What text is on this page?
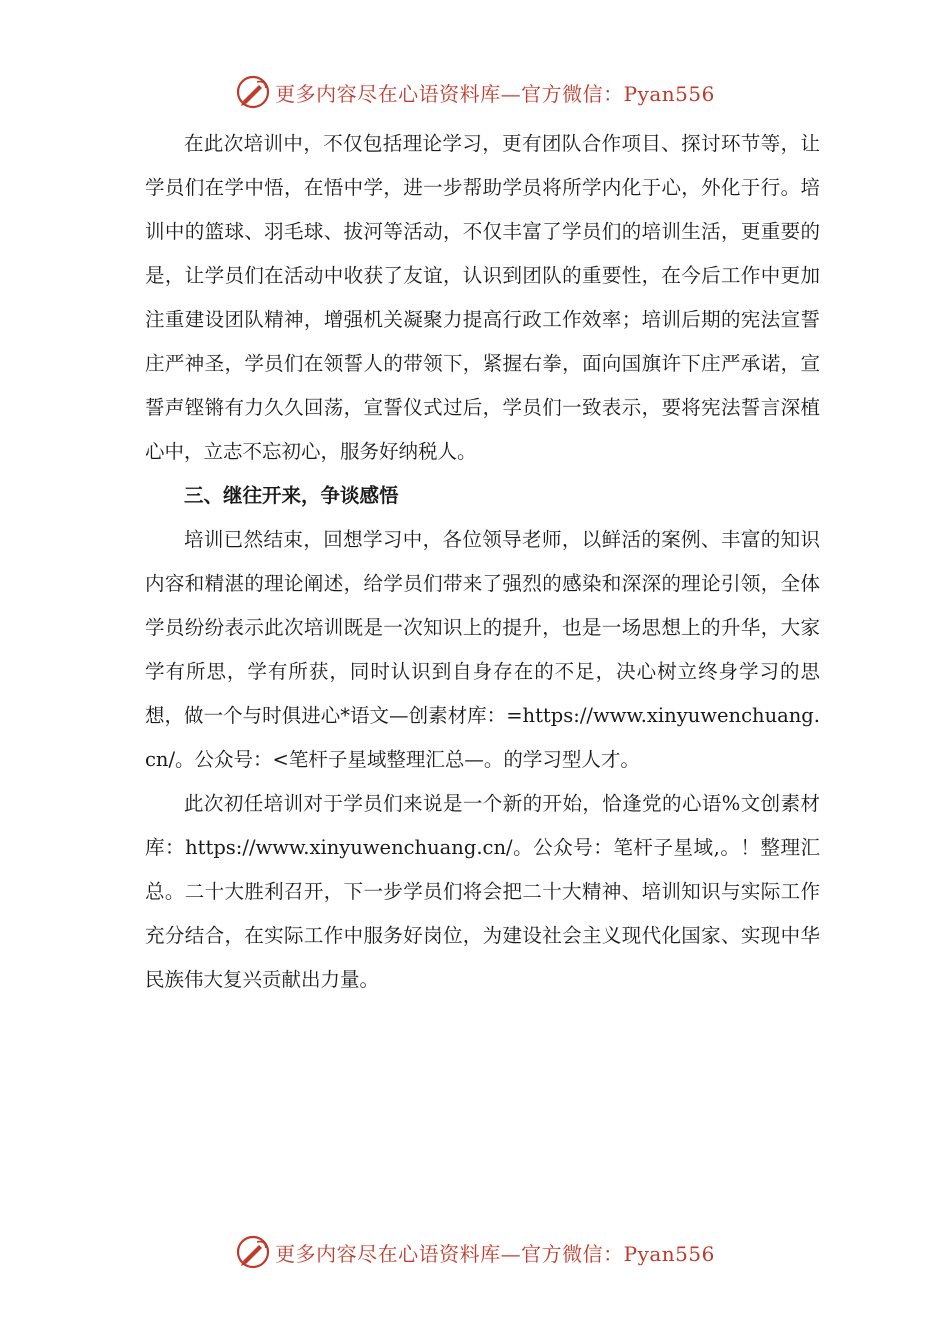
更多内容尽在心语资料库—官方微信：Pyan556

在此次培训中，不仅包括理论学习，更有团队合作项目、探讨环节等，让学员们在学中悟，在悟中学，进一步帮助学员将所学内化于心，外化于行。培训中的篮球、羽毛球、拔河等活动，不仅丰富了学员们的培训生活，更重要的是，让学员们在活动中收获了友谊，认识到团队的重要性，在今后工作中更加注重建设团队精神，增强机关凝聚力提高行政工作效率；培训后期的宪法宣誓庄严神圣，学员们在领誓人的带领下，紧握右拳，面向国旗许下庄严承诺，宣誓声铿锵有力久久回荡，宣誓仪式过后，学员们一致表示，要将宪法誓言深植心中，立志不忘初心，服务好纳税人。

三、继往开来，争谈感悟

培训已然结束，回想学习中，各位领导老师，以鲜活的案例、丰富的知识内容和精湛的理论阐述，给学员们带来了强烈的感染和深深的理论引领，全体学员纷纷表示此次培训既是一次知识上的提升，也是一场思想上的升华，大家学有所思，学有所获，同时认识到自身存在的不足，决心树立终身学习的思想，做一个与时俱进心*语文—创素材库：=https://www.xinyuwenchuang.cn/。公众号：<笔杆子星域整理汇总—。的学习型人才。

此次初任培训对于学员们来说是一个新的开始，恰逢党的心语%文创素材库：https://www.xinyuwenchuang.cn/。公众号：笔杆子星域,。！整理汇总。二十大胜利召开，下一步学员们将会把二十大精神、培训知识与实际工作充分结合，在实际工作中服务好岗位，为建设社会主义现代化国家、实现中华民族伟大复兴贡献出力量。

更多内容尽在心语资料库—官方微信：Pyan556
